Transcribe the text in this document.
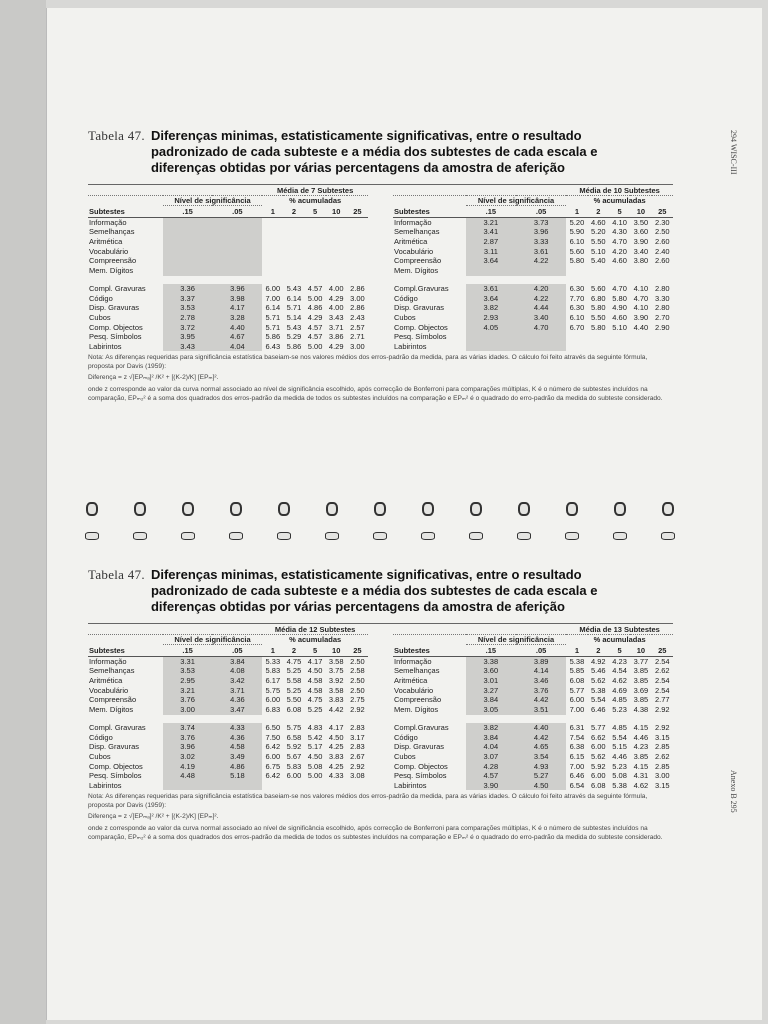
294 WISC-III
Anexo B 295
Tabela 47. Diferenças minimas, estatisticamente significativas, entre o resultado padronizado de cada subteste e a média dos subtestes de cada escala e diferenças obtidas por várias percentagens da amostra de aferição
			Média de 7 Subtestes				
	Nível de significância		% acumuladas				
Subtestes	.15	.05	1	2	5	10	25
Informação							
Semelhanças							
Aritmética							
Vocabulário							
Compreensão							
Mem. Dígitos							

Compl. Gravuras	3.36	3.96	6.00	5.43	4.57	4.00	2.86
Código	3.37	3.98	7.00	6.14	5.00	4.29	3.00
Disp. Gravuras	3.53	4.17	6.14	5.71	4.86	4.00	2.86
Cubos	2.78	3.28	5.71	5.14	4.29	3.43	2.43
Comp. Objectos	3.72	4.40	5.71	5.43	4.57	3.71	2.57
Pesq. Símbolos	3.95	4.67	5.86	5.29	4.57	3.86	2.71
Labirintos	3.43	4.04	6.43	5.86	5.00	4.29	3.00
			Média de 10 Subtestes				
	Nível de significância		% acumuladas				
Subtestes	.15	.05	1	2	5	10	25
Informação	3.21	3.73	5.20	4.60	4.10	3.50	2.30
Semelhanças	3.41	3.96	5.90	5.20	4.30	3.60	2.50
Aritmética	2.87	3.33	6.10	5.50	4.70	3.90	2.60
Vocabulário	3.11	3.61	5.60	5.10	4.20	3.40	2.40
Compreensão	3.64	4.22	5.80	5.40	4.60	3.80	2.60
Mem. Dígitos							

Compl.Gravuras	3.61	4.20	6.30	5.60	4.70	4.10	2.80
Código	3.64	4.22	7.70	6.80	5.80	4.70	3.30
Disp. Gravuras	3.82	4.44	6.30	5.80	4.90	4.10	2.80
Cubos	2.93	3.40	6.10	5.50	4.60	3.90	2.70
Comp. Objectos	4.05	4.70	6.70	5.80	5.10	4.40	2.90
Pesq. Símbolos							
Labirintos							
Nota: As diferenças requeridas para significância estatística baseiam-se nos valores médios dos erros-padrão da medida, para as várias idades. O cálculo foi feito através da seguinte fórmula, proposta por Davis (1959):
Diferença = z √[EPₘₐ]² /K² + [(K-2)/K] [EPₘ]².
onde z corresponde ao valor da curva normal associado ao nível de significância escolhido, após correcção de Bonferroni para comparações múltiplas, K é o número de subtestes incluídos na comparação, EPₘ₂² é a soma dos quadrados dos erros-padrão da medida de todos os subtestes incluídos na comparação e EPₘ² é o quadrado do erro-padrão da medida do subteste considerado.
Tabela 47. Diferenças minimas, estatisticamente significativas, entre o resultado padronizado de cada subteste e a média dos subtestes de cada escala e diferenças obtidas por várias percentagens da amostra de aferição
			Média de 12 Subtestes				
	Nível de significância		% acumuladas				
Subtestes	.15	.05	1	2	5	10	25
Informação	3.31	3.84	5.33	4.75	4.17	3.58	2.50
Semelhanças	3.53	4.08	5.83	5.25	4.50	3.75	2.58
Aritmética	2.95	3.42	6.17	5.58	4.58	3.92	2.50
Vocabulário	3.21	3.71	5.75	5.25	4.58	3.58	2.50
Compreensão	3.76	4.36	6.00	5.50	4.75	3.83	2.75
Mem. Dígitos	3.00	3.47	6.83	6.08	5.25	4.42	2.92

Compl. Gravuras	3.74	4.33	6.50	5.75	4.83	4.17	2.83
Código	3.76	4.36	7.50	6.58	5.42	4.50	3.17
Disp. Gravuras	3.96	4.58	6.42	5.92	5.17	4.25	2.83
Cubos	3.02	3.49	6.00	5.67	4.50	3.83	2.67
Comp. Objectos	4.19	4.86	6.75	5.83	5.08	4.25	2.92
Pesq. Símbolos	4.48	5.18	6.42	6.00	5.00	4.33	3.08
Labirintos							
			Média de 13 Subtestes				
	Nível de significância		% acumuladas				
Subtestes	.15	.05	1	2	5	10	25
Informação	3.38	3.89	5.38	4.92	4.23	3.77	2.54
Semelhanças	3.60	4.14	5.85	5.46	4.54	3.85	2.62
Aritmética	3.01	3.46	6.08	5.62	4.62	3.85	2.54
Vocabulário	3.27	3.76	5.77	5.38	4.69	3.69	2.54
Compreensão	3.84	4.42	6.00	5.54	4.85	3.85	2.77
Mem. Dígitos	3.05	3.51	7.00	6.46	5.23	4.38	2.92

Compl.Gravuras	3.82	4.40	6.31	5.77	4.85	4.15	2.92
Código	3.84	4.42	7.54	6.62	5.54	4.46	3.15
Disp. Gravuras	4.04	4.65	6.38	6.00	5.15	4.23	2.85
Cubos	3.07	3.54	6.15	5.62	4.46	3.85	2.62
Comp. Objectos	4.28	4.93	7.00	5.92	5.23	4.15	2.85
Pesq. Símbolos	4.57	5.27	6.46	6.00	5.08	4.31	3.00
Labirintos	3.90	4.50	6.54	6.08	5.38	4.62	3.15
Nota: As diferenças requeridas para significância estatística baseiam-se nos valores médios dos erros-padrão da medida, para as várias idades. O cálculo foi feito através da seguinte fórmula, proposta por Davis (1959):
Diferença = z √[EPₘₐ]² /K² + [(K-2)/K] [EPₘ]².
onde z corresponde ao valor da curva normal associado ao nível de significância escolhido, após correcção de Bonferroni para comparações múltiplas, K é o número de subtestes incluídos na comparação, EPₘ₂² é a soma dos quadrados dos erros-padrão da medida de todos os subtestes incluídos na comparação e EPₘ² é o quadrado do erro-padrão da medida do subteste considerado.
